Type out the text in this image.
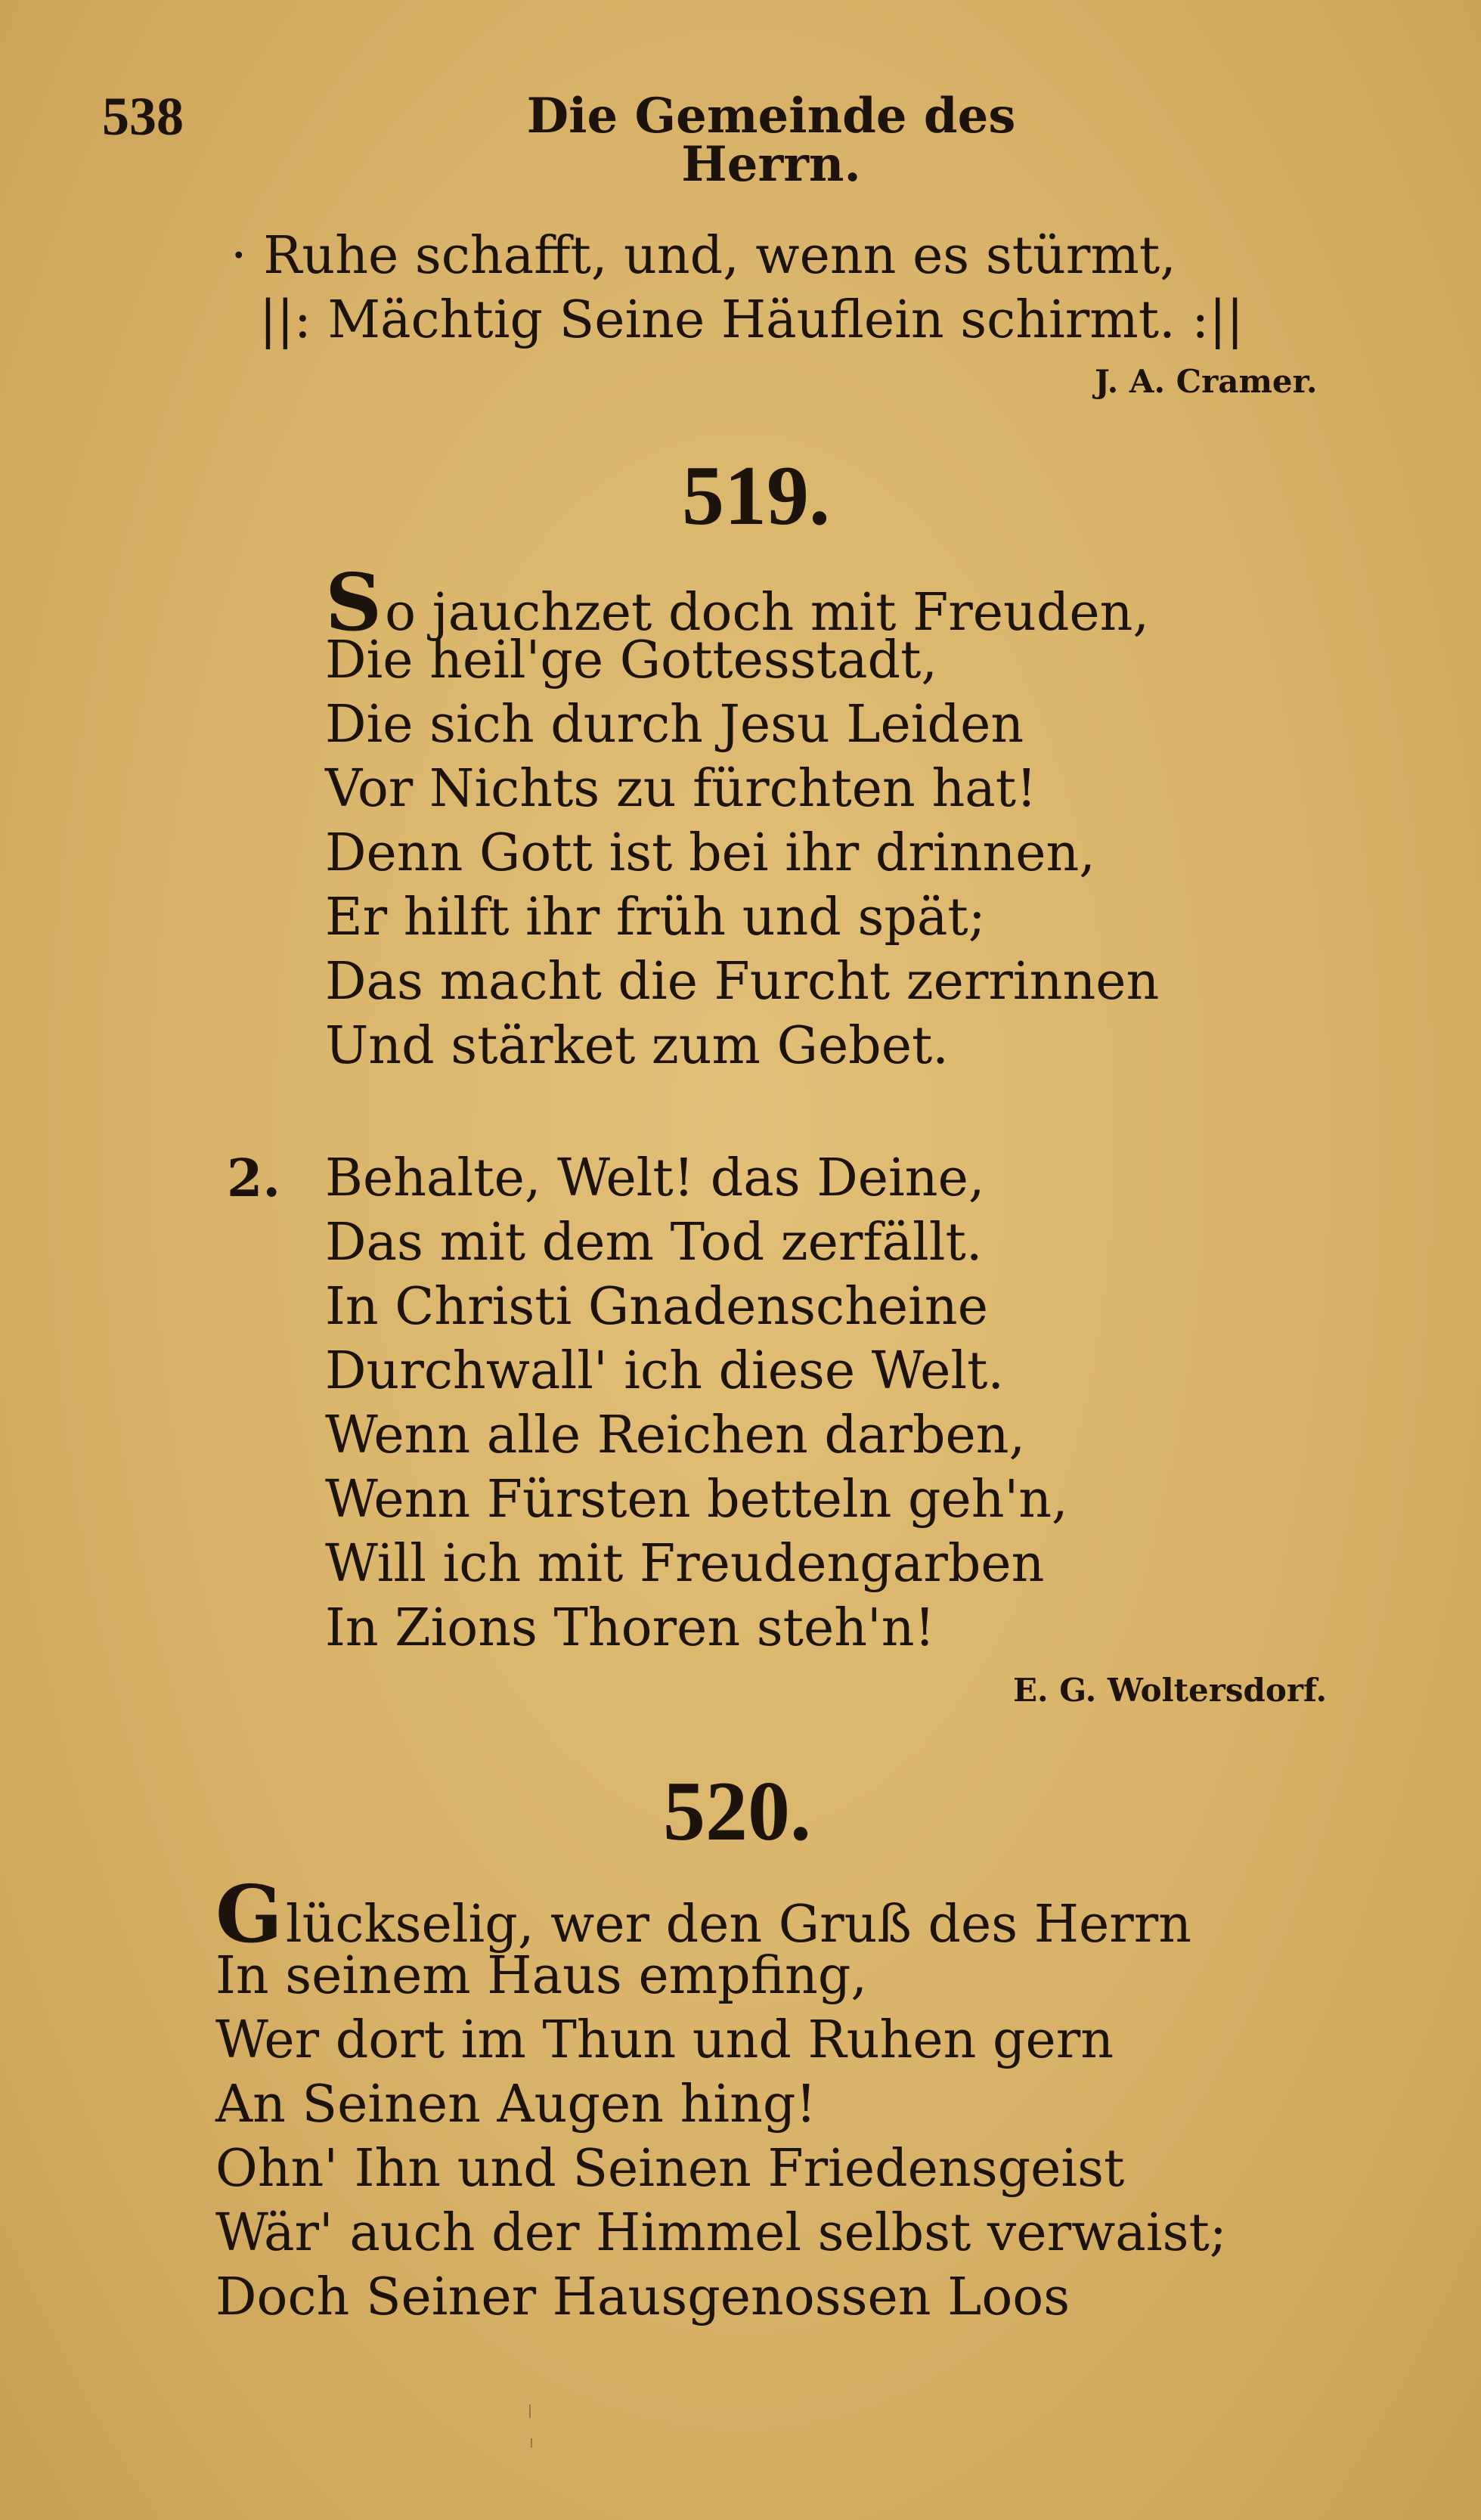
538	Die Gemeinde des Herrn.
· Ruhe schafft, und, wenn es stürmt,
||: Mächtig Seine Häuflein schirmt. :||
J. A. Cramer.
519.
So jauchzet doch mit Freuden,
Die heil'ge Gottesstadt,
Die sich durch Jesu Leiden
Vor Nichts zu fürchten hat!
Denn Gott ist bei ihr drinnen,
Er hilft ihr früh und spät;
Das macht die Furcht zerrinnen
Und stärket zum Gebet.
2. Behalte, Welt! das Deine,
Das mit dem Tod zerfällt.
In Christi Gnadenscheine
Durchwall' ich diese Welt.
Wenn alle Reichen darben,
Wenn Fürsten betteln geh'n,
Will ich mit Freudengarben
In Zions Thoren steh'n!
E. G. Woltersdorf.
520.
Glückselig, wer den Gruß des Herrn
In seinem Haus empfing,
Wer dort im Thun und Ruhen gern
An Seinen Augen hing!
Ohn' Ihn und Seinen Friedensgeist
Wär' auch der Himmel selbst verwaist;
Doch Seiner Hausgenossen Loos
